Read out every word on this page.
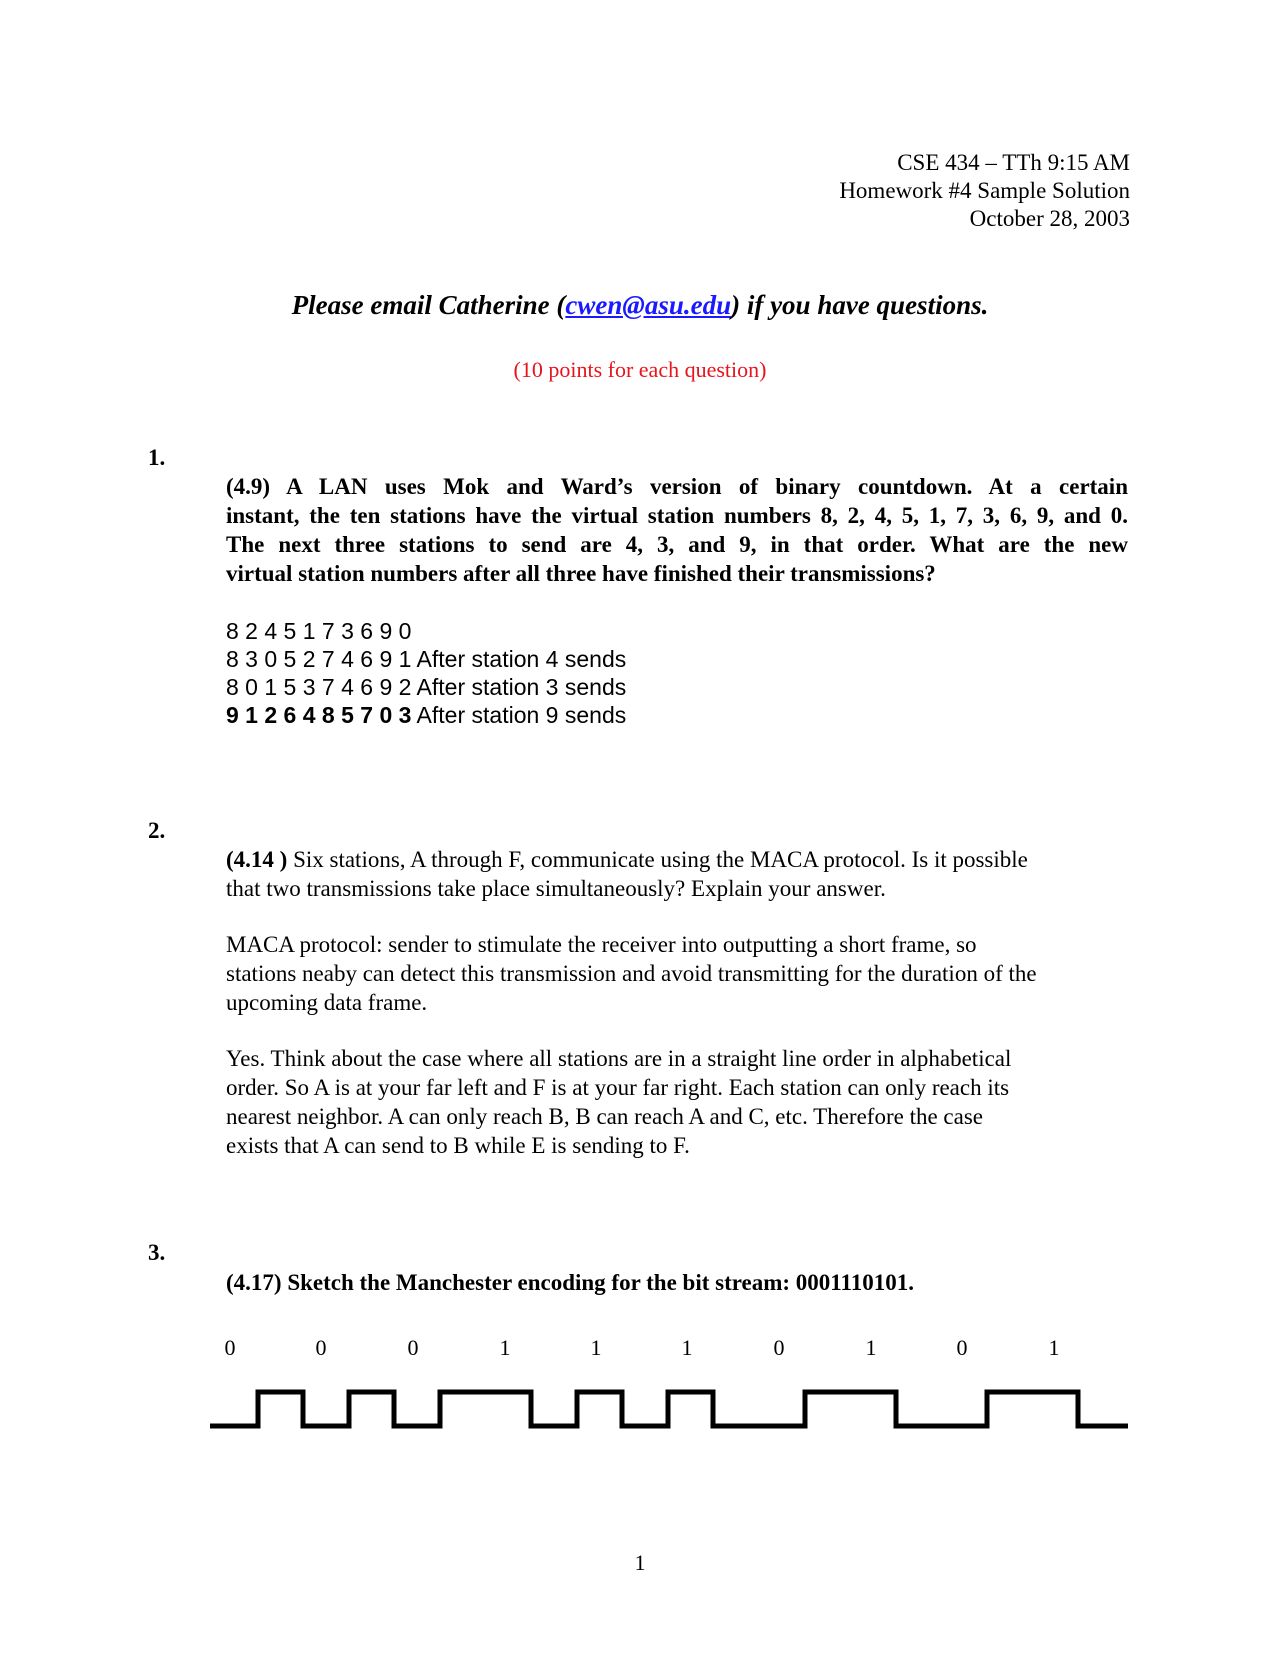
CSE 434 – TTh 9:15 AM
Homework #4 Sample Solution
October 28, 2003
Please email Catherine (cwen@asu.edu) if you have questions.
(10 points for each question)
1.
(4.9) A LAN uses Mok and Ward’s version of binary countdown. At a certain
instant, the ten stations have the virtual station numbers 8, 2, 4, 5, 1, 7, 3, 6, 9, and 0.
The next three stations to send are 4, 3, and 9, in that order. What are the new
virtual station numbers after all three have finished their transmissions?
8 2 4 5 1 7 3 6 9 0
8 3 0 5 2 7 4 6 9 1 After station 4 sends
8 0 1 5 3 7 4 6 9 2 After station 3 sends
9 1 2 6 4 8 5 7 0 3 After station 9 sends
2.
(4.14 ) Six stations, A through F, communicate using the MACA protocol. Is it possible
that two transmissions take place simultaneously? Explain your answer.
MACA protocol: sender to stimulate the receiver into outputting a short frame, so
stations neaby can detect this transmission and avoid transmitting for the duration of the
upcoming data frame.
Yes. Think about the case where all stations are in a straight line order in alphabetical
order. So A is at your far left and F is at your far right. Each station can only reach its
nearest neighbor. A can only reach B, B can reach A and C, etc. Therefore the case
exists that A can send to B while E is sending to F.
3.
(4.17) Sketch the Manchester encoding for the bit stream: 0001110101.
0	0	0	1	1	1	0	1	0	1
1
